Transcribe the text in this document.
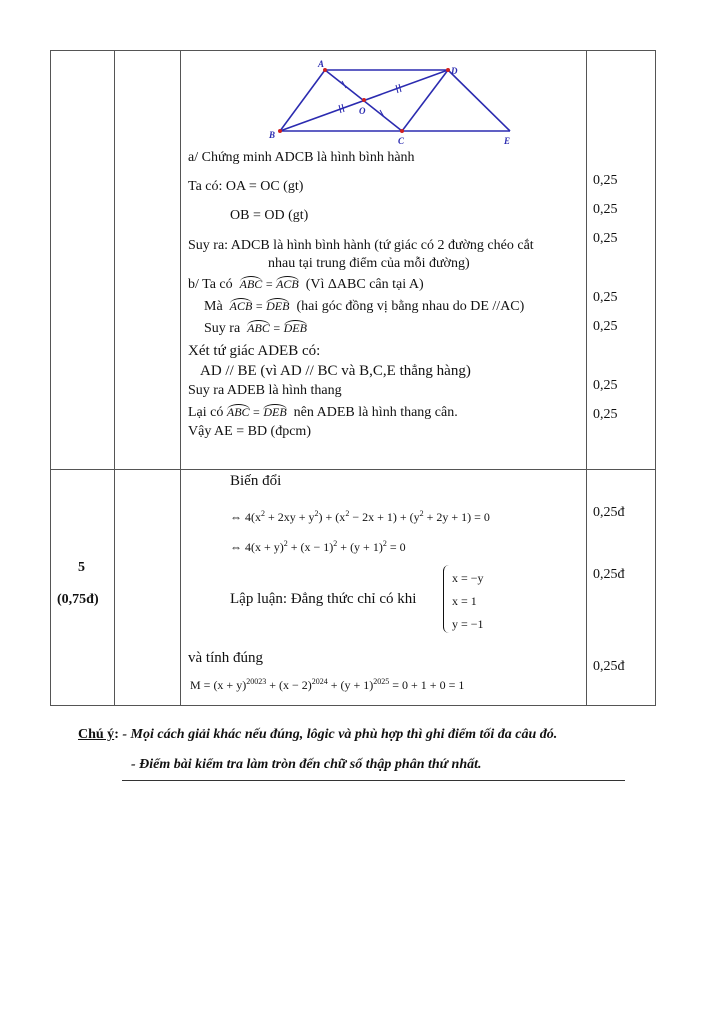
A
B
C
D
E
O
a/ Chứng minh ADCB là hình bình hành
Ta có: OA = OC (gt)
OB = OD (gt)
Suy ra: ADCB là hình bình hành (tứ giác có 2 đường chéo cắt
nhau tại trung điểm của mỗi đường)
b/ Ta có ABC = ACB (Vì ΔABC cân tại A)
Mà ACB = DEB (hai góc đồng vị bằng nhau do DE //AC)
Suy ra ABC = DEB
Xét tứ giác ADEB có:
AD // BE (vì AD // BC và B,C,E thẳng hàng)
Suy ra ADEB là hình thang
Lại có ABC = DEB nên ADEB là hình thang cân.
Vậy AE = BD (đpcm)
0,25
0,25
0,25
0,25
0,25
0,25
0,25
5
(0,75đ)
Biến đổi
⇔ $4(x^2 + 2xy + y^2) + (x^2 - 2x + 1) + (y^2 + 2y + 1) = 0$
⇔ $4(x + y)^2 + (x - 1)^2 + (y + 1)^2 = 0$
Lập luận: Đẳng thức chỉ có khi
x = −y
x = 1
y = −1
và tính đúng
$M = (x + y)^{20023} + (x - 2)^{2024} + (y + 1)^{2025} = 0 + 1 + 0 = 1$
0,25đ
0,25đ
0,25đ
Chú ý: - Mọi cách giải khác nếu đúng, lôgic và phù hợp thì ghi điểm tối đa câu đó.
- Điểm bài kiểm tra làm tròn đến chữ số thập phân thứ nhất.
